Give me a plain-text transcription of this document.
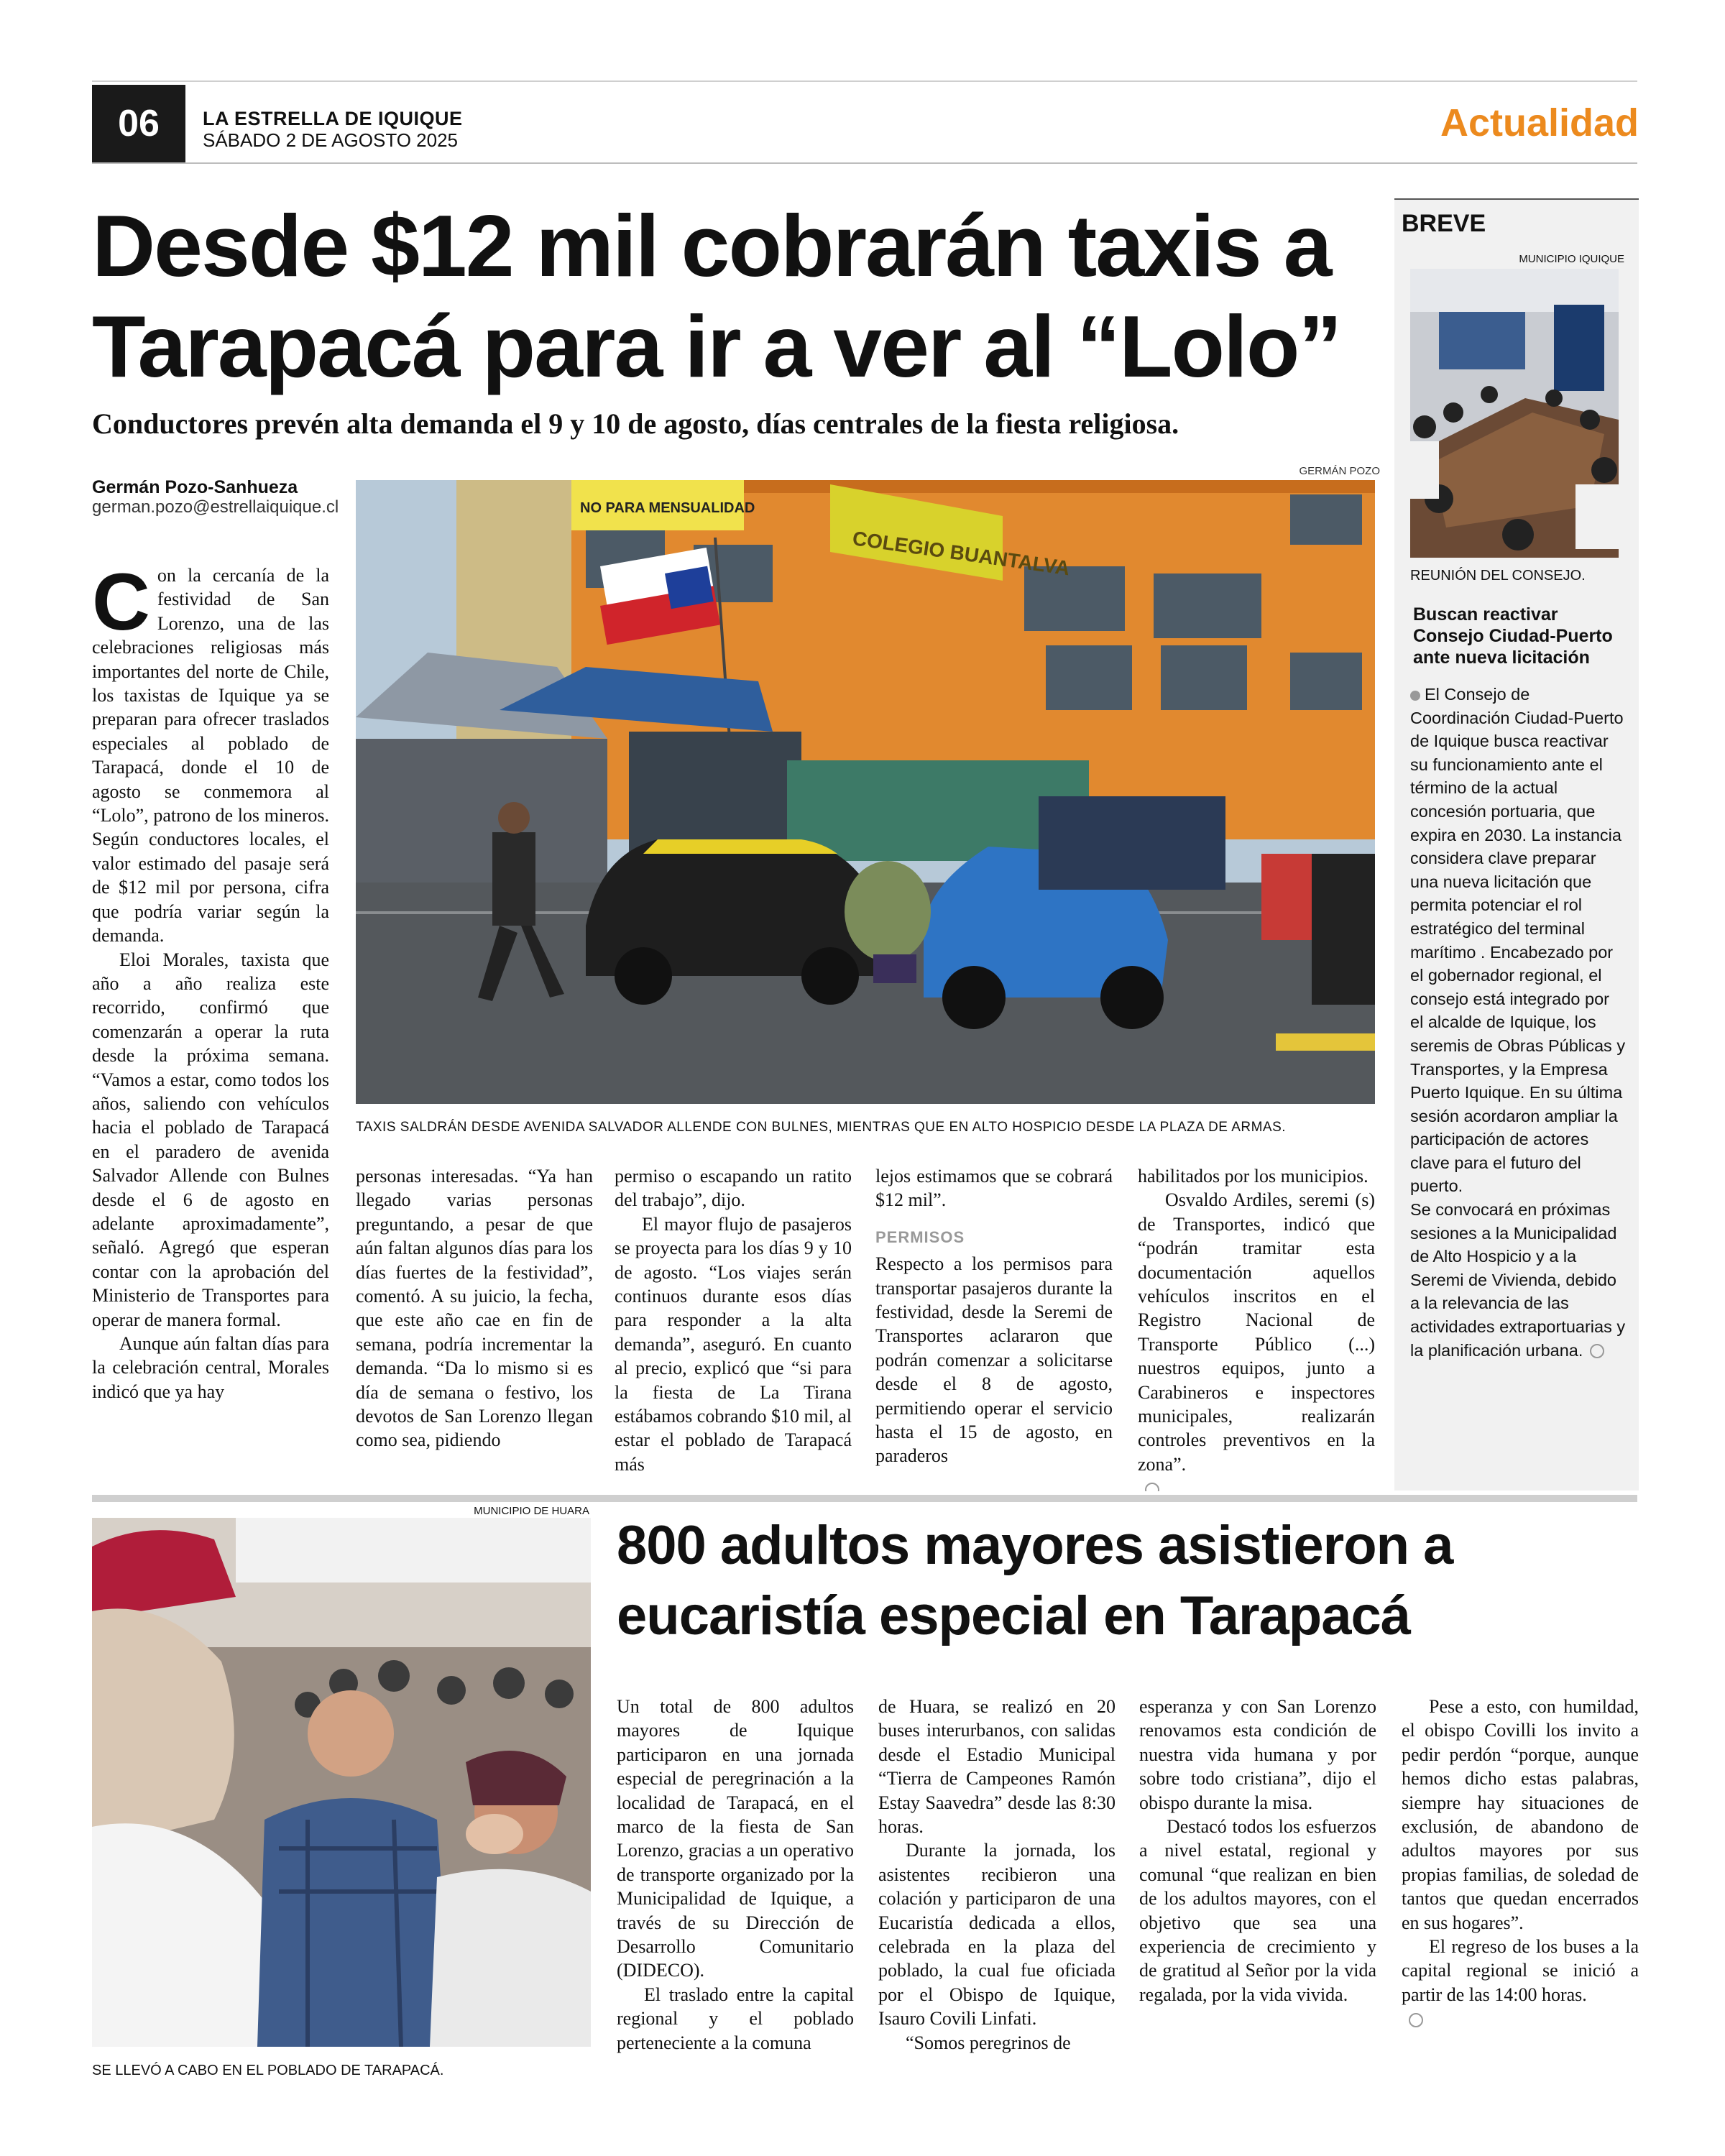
06	LA ESTRELLA DE IQUIQUE
SÁBADO 2 DE AGOSTO 2025	Actualidad
Desde $12 mil cobrarán taxis a Tarapacá para ir a ver al “Lolo”
Conductores prevén alta demanda el 9 y 10 de agosto, días centrales de la fiesta religiosa.
Germán Pozo-Sanhueza
german.pozo@estrellaiquique.cl
GERMÁN POZO
COLEGIO BUANTALVA
NO PARA MENSUALIDAD
TAXIS SALDRÁN DESDE AVENIDA SALVADOR ALLENDE CON BULNES, MIENTRAS QUE EN ALTO HOSPICIO DESDE LA PLAZA DE ARMAS.
C on la cercanía de la festividad de San Lorenzo, una de las celebraciones religiosas más importantes del norte de Chile, los taxistas de Iquique ya se preparan para ofrecer traslados especiales al poblado de Tarapacá, donde el 10 de agosto se conmemora al “Lolo”, patrono de los mineros. Según conductores locales, el valor estimado del pasaje será de $12 mil por persona, cifra que podría variar según la demanda.

Eloi Morales, taxista que año a año realiza este recorrido, confirmó que comenzarán a operar la ruta desde la próxima semana. “Vamos a estar, como todos los años, saliendo con vehículos hacia el poblado de Tarapacá en el paradero de avenida Salvador Allende con Bulnes desde el 6 de agosto en adelante aproximadamente”, señaló. Agregó que esperan contar con la aprobación del Ministerio de Transportes para operar de manera formal.

Aunque aún faltan días para la celebración central, Morales indicó que ya hay

personas interesadas. “Ya han llegado varias personas preguntando, a pesar de que aún faltan algunos días para los días fuertes de la festividad”, comentó. A su juicio, la fecha, que este año cae en fin de semana, podría incrementar la demanda. “Da lo mismo si es día de semana o festivo, los devotos de San Lorenzo llegan como sea, pidiendo

permiso o escapando un ratito del trabajo”, dijo.

El mayor flujo de pasajeros se proyecta para los días 9 y 10 de agosto. “Los viajes serán continuos durante esos días para responder a la alta demanda”, aseguró. En cuanto al precio, explicó que “si para la fiesta de La Tirana estábamos cobrando $10 mil, al estar el poblado de Tarapacá más

lejos estimamos que se cobrará $12 mil”.

PERMISOS

Respecto a los permisos para transportar pasajeros durante la festividad, desde la Seremi de Transportes aclararon que podrán comenzar a solicitarse desde el 8 de agosto, permitiendo operar el servicio hasta el 15 de agosto, en paraderos

habilitados por los municipios.

Osvaldo Ardiles, seremi (s) de Transportes, indicó que “podrán tramitar esta documentación aquellos vehículos inscritos en el Registro Nacional de Transporte Público (...) nuestros equipos, junto a Carabineros e inspectores municipales, realizarán controles preventivos en la zona”.

BREVE
MUNICIPIO IQUIQUE
REUNIÓN DEL CONSEJO.
Buscan reactivar Consejo Ciudad-Puerto ante nueva licitación

El Consejo de Coordinación Ciudad-Puerto de Iquique busca reactivar su funcionamiento ante el término de la actual concesión portuaria, que expira en 2030. La instancia considera clave preparar una nueva licitación que permita potenciar el rol estratégico del terminal marítimo . Encabezado por el gobernador regional, el consejo está integrado por el alcalde de Iquique, los seremis de Obras Públicas y Transportes, y la Empresa Puerto Iquique. En su última sesión acordaron ampliar la participación de actores clave para el futuro del puerto.

Se convocará en próximas sesiones a la Municipalidad de Alto Hospicio y a la Seremi de Vivienda, debido a la relevancia de las actividades extraportuarias y la planificación urbana.

MUNICIPIO DE HUARA
SE LLEVÓ A CABO EN EL POBLADO DE TARAPACÁ.
800 adultos mayores asistieron a eucaristía especial en Tarapacá

Un total de 800 adultos mayores de Iquique participaron en una jornada especial de peregrinación a la localidad de Tarapacá, en el marco de la fiesta de San Lorenzo, gracias a un operativo de transporte organizado por la Municipalidad de Iquique, a través de su Dirección de Desarrollo Comunitario (DIDECO).

El traslado entre la capital regional y el poblado perteneciente a la comuna

de Huara, se realizó en 20 buses interurbanos, con salidas desde el Estadio Municipal “Tierra de Campeones Ramón Estay Saavedra” desde las 8:30 horas.

Durante la jornada, los asistentes recibieron una colación y participaron de una Eucaristía dedicada a ellos, celebrada en la plaza del poblado, la cual fue oficiada por el Obispo de Iquique, Isauro Covili Linfati.

“Somos peregrinos de

esperanza y con San Lorenzo renovamos esta condición de nuestra vida humana y por sobre todo cristiana”, dijo el obispo durante la misa.

Destacó todos los esfuerzos a nivel estatal, regional y comunal “que realizan en bien de los adultos mayores, con el objetivo que sea una experiencia de crecimiento y de gratitud al Señor por la vida regalada, por la vida vivida.

Pese a esto, con humildad, el obispo Covilli los invito a pedir perdón “porque, aunque hemos dicho estas palabras, siempre hay situaciones de exclusión, de abandono de adultos mayores por sus propias familias, de soledad de tantos que quedan encerrados en sus hogares”.

El regreso de los buses a la capital regional se inició a partir de las 14:00 horas.
